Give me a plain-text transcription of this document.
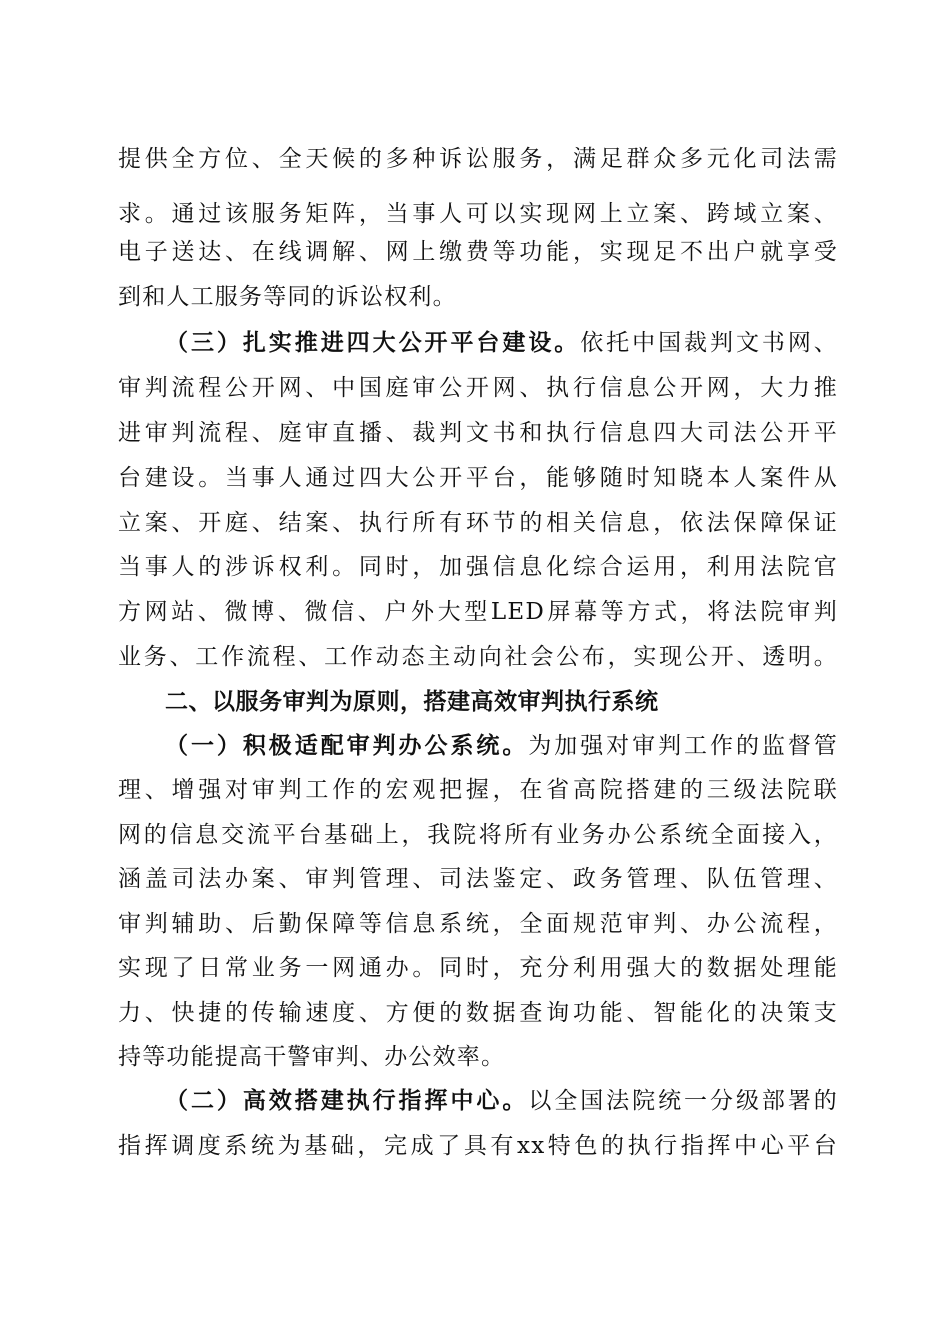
提供全方位、全天候的多种诉讼服务，满足群众多元化司法需
求。通过该服务矩阵，当事人可以实现网上立案、跨域立案、
电子送达、在线调解、网上缴费等功能，实现足不出户就享受
到和人工服务等同的诉讼权利。
（三）扎实推进四大公开平台建设。依托中国裁判文书网、
审判流程公开网、中国庭审公开网、执行信息公开网，大力推
进审判流程、庭审直播、裁判文书和执行信息四大司法公开平
台建设。当事人通过四大公开平台，能够随时知晓本人案件从
立案、开庭、结案、执行所有环节的相关信息，依法保障保证
当事人的涉诉权利。同时，加强信息化综合运用，利用法院官
方网站、微博、微信、户外大型LED屏幕等方式，将法院审判
业务、工作流程、工作动态主动向社会公布，实现公开、透明。
二、以服务审判为原则，搭建高效审判执行系统
（一）积极适配审判办公系统。为加强对审判工作的监督管
理、增强对审判工作的宏观把握，在省高院搭建的三级法院联
网的信息交流平台基础上，我院将所有业务办公系统全面接入，
涵盖司法办案、审判管理、司法鉴定、政务管理、队伍管理、
审判辅助、后勤保障等信息系统，全面规范审判、办公流程，
实现了日常业务一网通办。同时，充分利用强大的数据处理能
力、快捷的传输速度、方便的数据查询功能、智能化的决策支
持等功能提高干警审判、办公效率。
（二）高效搭建执行指挥中心。以全国法院统一分级部署的
指挥调度系统为基础，完成了具有xx特色的执行指挥中心平台
